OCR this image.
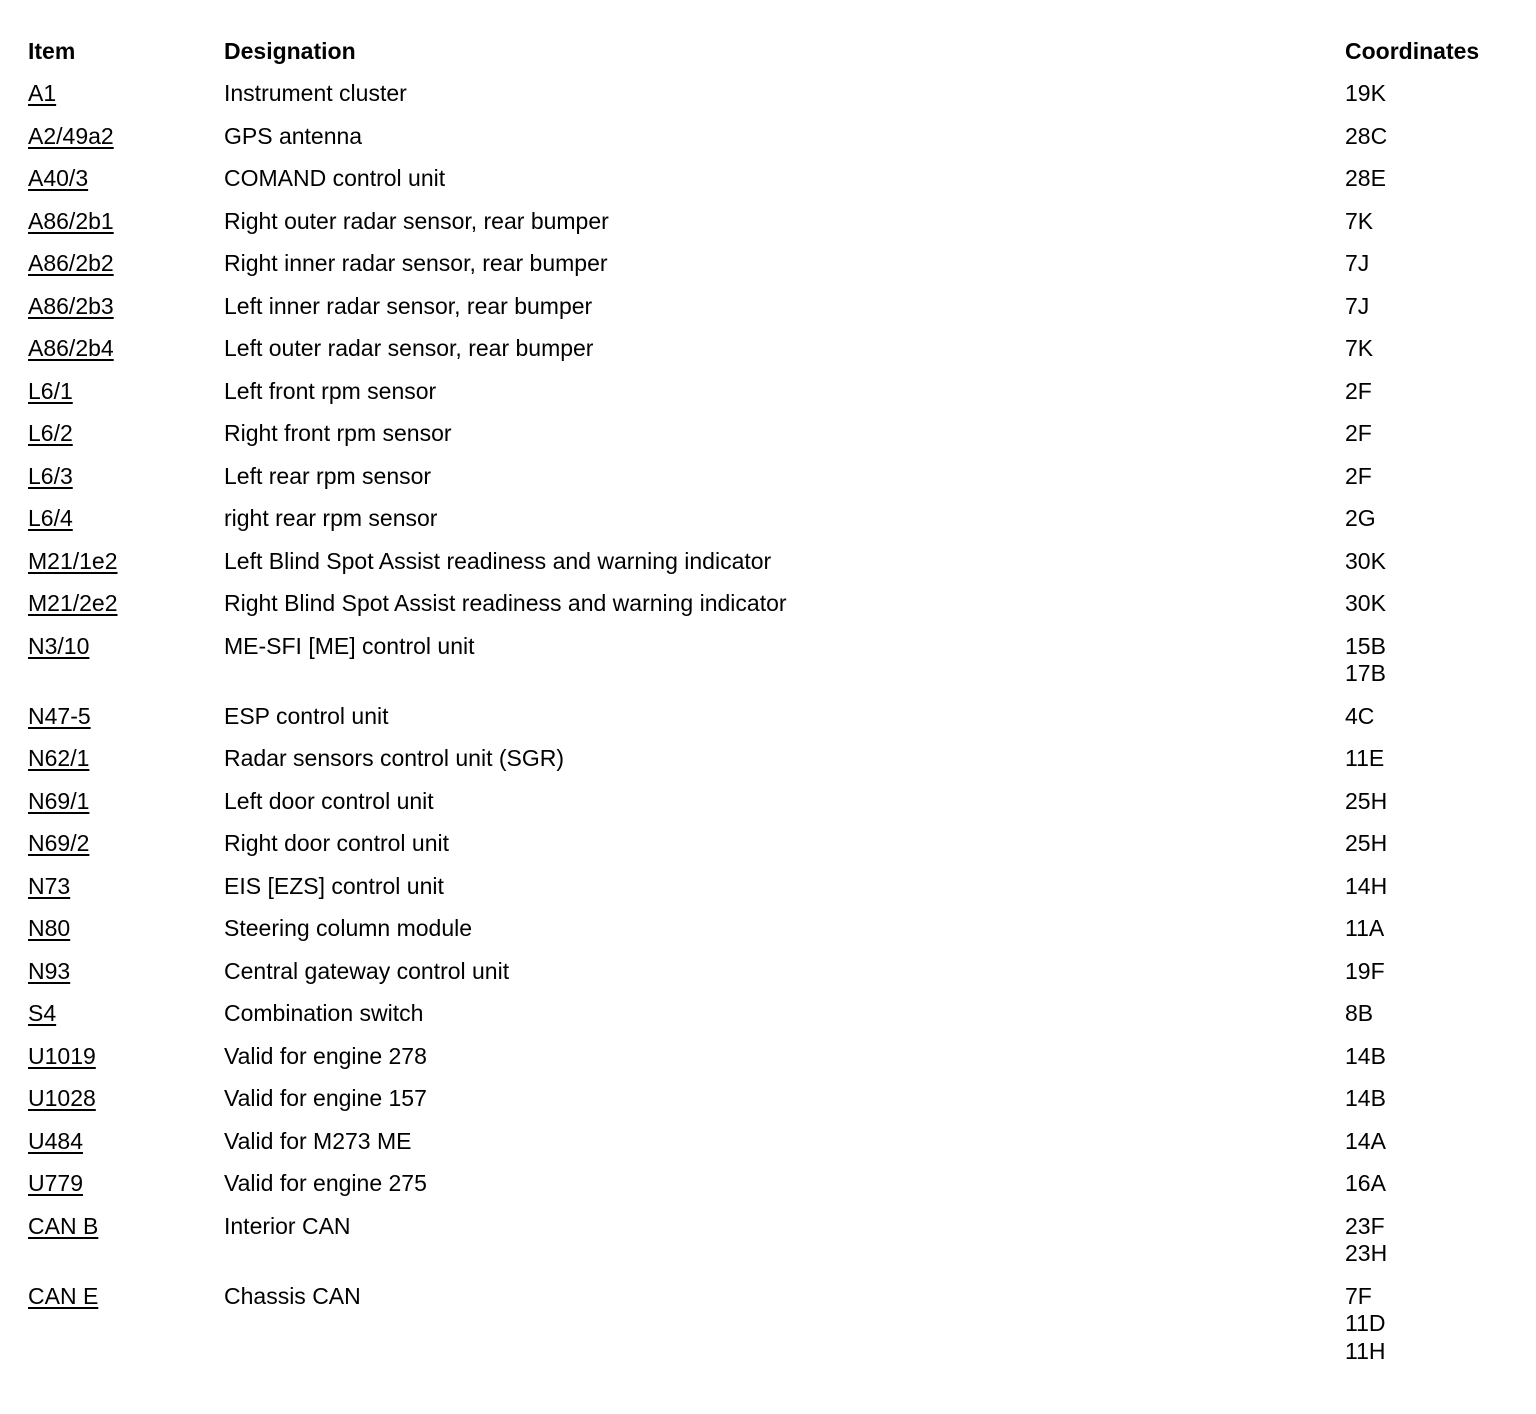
Item	Designation	Coordinates
A1	Instrument cluster	19K

A2/49a2	GPS antenna	28C

A40/3	COMAND control unit	28E

A86/2b1	Right outer radar sensor, rear bumper	7K

A86/2b2	Right inner radar sensor, rear bumper	7J

A86/2b3	Left inner radar sensor, rear bumper	7J

A86/2b4	Left outer radar sensor, rear bumper	7K

L6/1	Left front rpm sensor	2F

L6/2	Right front rpm sensor	2F

L6/3	Left rear rpm sensor	2F

L6/4	right rear rpm sensor	2G

M21/1e2	Left Blind Spot Assist readiness and warning indicator	30K

M21/2e2	Right Blind Spot Assist readiness and warning indicator	30K

N3/10	ME-SFI [ME] control unit	15B
17B

N47-5	ESP control unit	4C

N62/1	Radar sensors control unit (SGR)	11E

N69/1	Left door control unit	25H

N69/2	Right door control unit	25H

N73	EIS [EZS] control unit	14H

N80	Steering column module	11A

N93	Central gateway control unit	19F

S4	Combination switch	8B

U1019	Valid for engine 278	14B

U1028	Valid for engine 157	14B

U484	Valid for M273 ME	14A

U779	Valid for engine 275	16A

CAN B	Interior CAN	23F
23H

CAN E	Chassis CAN	7F
11D
11H
